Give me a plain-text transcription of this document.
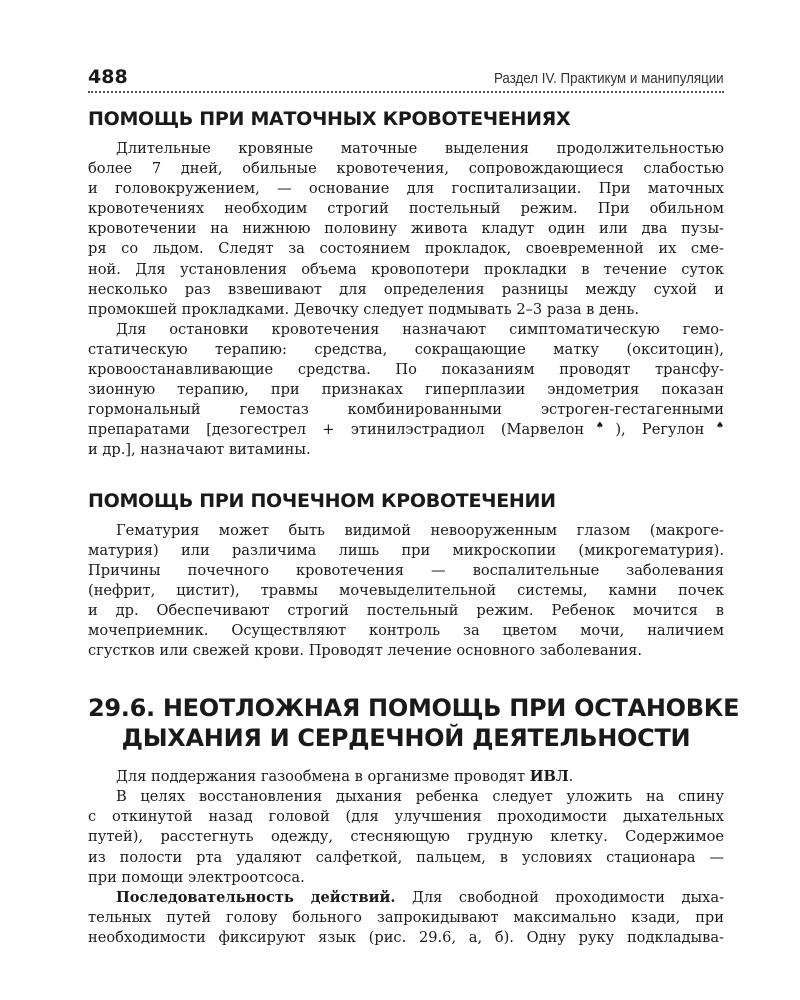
488	Раздел IV. Практикум и манипуляции
ПОМОЩЬ ПРИ МАТОЧНЫХ КРОВОТЕЧЕНИЯХ

Длительные кровяные маточные выделения продолжительностью
более 7 дней, обильные кровотечения, сопровождающиеся слабостью
и головокружением, — основание для госпитализации. При маточных
кровотечениях необходим строгий постельный режим. При обильном
кровотечении на нижнюю половину живота кладут один или два пузы-
ря со льдом. Следят за состоянием прокладок, своевременной их сме-
ной. Для установления объема кровопотери прокладки в течение суток
несколько раз взвешивают для определения разницы между сухой и
промокшей прокладками. Девочку следует подмывать 2–3 раза в день.

Для остановки кровотечения назначают симптоматическую гемо-
статическую терапию: средства, сокращающие матку (окситоцин),
кровоостанавливающие средства. По показаниям проводят трансфу-
зионную терапию, при признаках гиперплазии эндометрия показан
гормональный гемостаз комбинированными эстроген-гестагенными
препаратами [дезогестрел + этинилэстрадиол (Марвелон♠), Регулон♠
и др.], назначают витамины.

ПОМОЩЬ ПРИ ПОЧЕЧНОМ КРОВОТЕЧЕНИИ

Гематурия может быть видимой невооруженным глазом (макроге-
матурия) или различима лишь при микроскопии (микрогематурия).
Причины почечного кровотечения — воспалительные заболевания
(нефрит, цистит), травмы мочевыделительной системы, камни почек
и др. Обеспечивают строгий постельный режим. Ребенок мочится в
мочеприемник. Осуществляют контроль за цветом мочи, наличием
сгустков или свежей крови. Проводят лечение основного заболевания.

29.6. НЕОТЛОЖНАЯ ПОМОЩЬ ПРИ ОСТАНОВКЕ
ДЫХАНИЯ И СЕРДЕЧНОЙ ДЕЯТЕЛЬНОСТИ

Для поддержания газообмена в организме проводят ИВЛ.

В целях восстановления дыхания ребенка следует уложить на спину
с откинутой назад головой (для улучшения проходимости дыхательных
путей), расстегнуть одежду, стесняющую грудную клетку. Содержимое
из полости рта удаляют салфеткой, пальцем, в условиях стационара —
при помощи электроотсоса.

Последовательность действий. Для свободной проходимости дыха-
тельных путей голову больного запрокидывают максимально кзади, при
необходимости фиксируют язык (рис. 29.6, а, б). Одну руку подкладыва-
